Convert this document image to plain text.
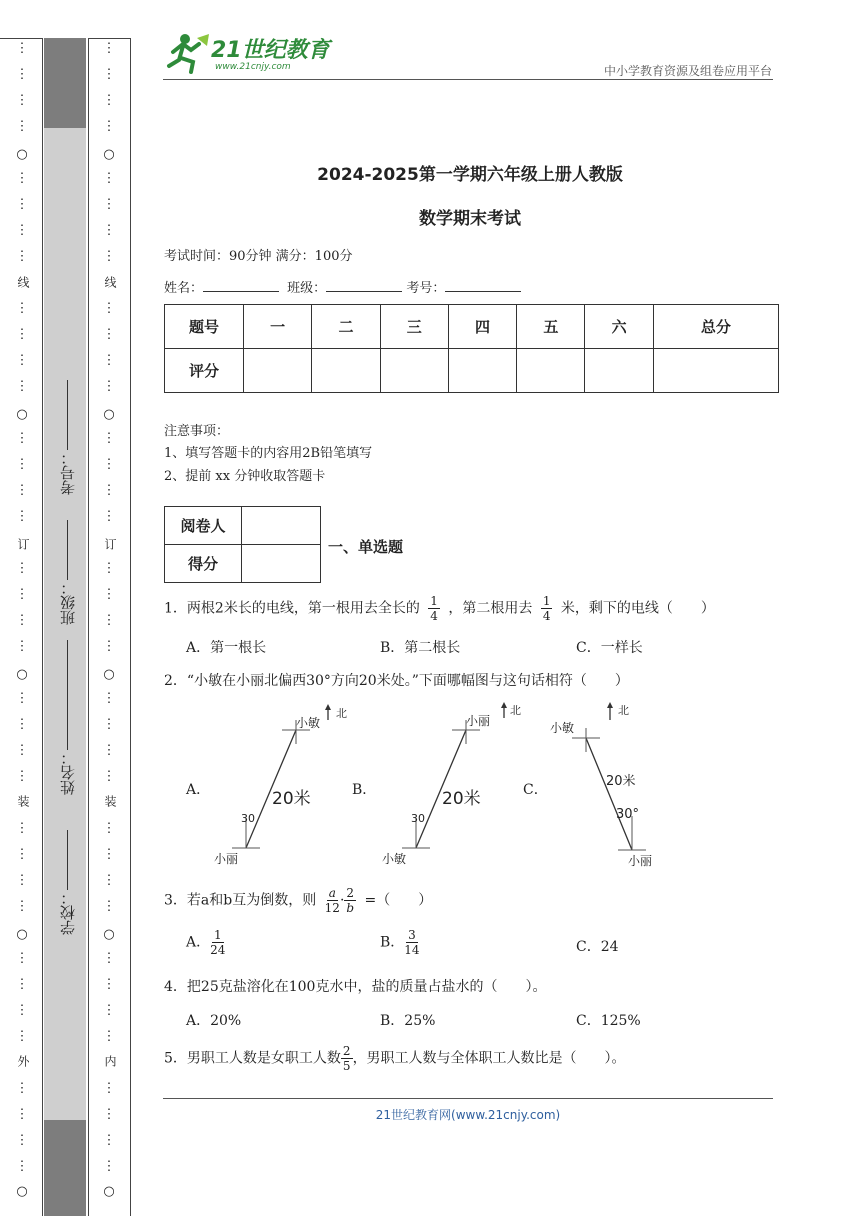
⋮
⋮
⋮
⋮
⋮
⋮
⋮
⋮
⋮
⋮
⋮
⋮
⋮
⋮
⋮
⋮
⋮
⋮
⋮
⋮
⋮
⋮
⋮
⋮
⋮
⋮
⋮
⋮
⋮
⋮
⋮
⋮
⋮
⋮
⋮
⋮
○
○
○
○
○
⋮
⋮
⋮
⋮
⋮
⋮
⋮
⋮
⋮
⋮
⋮
⋮
⋮
⋮
⋮
⋮
⋮
⋮
⋮
⋮
⋮
⋮
⋮
⋮
⋮
⋮
⋮
⋮
⋮
⋮
⋮
⋮
⋮
⋮
⋮
⋮
○
○
○
○
○
线
订
装
外
线
订
装
内
学校：
姓名：
班级：
考号：
21世纪教育
www.21cnjy.com	中小学教育资源及组卷应用平台
2024-2025第一学期六年级上册人教版
数学期末考试
考试时间：90分钟 满分：100分
姓名：	班级：	考号：
题号	一	二	三	四	五	六	总分
评分							
注意事项：
1、填写答题卡的内容用2B铅笔填写
2、提前 xx 分钟收取答题卡
阅卷人	
得分	
一、单选题
1．两根2米长的电线，第一根用去全长的 $\frac{1}{4}$ ，第二根用去 $\frac{1}{4}$ 米，剩下的电线（　　）
A．第一根长	B．第二根长	C．一样长
2．“小敏在小丽北偏西30°方向20米处。”下面哪幅图与这句话相符（　　）
A．	B．	C．
小敏
北
20米
30
小丽
小丽
北
20米
30
小敏
小敏
北
20米
30°
小丽
3．若a和b互为倒数，则 $\frac{a}{12} \cdot \frac{2}{b}$ =（　　）
A． $\frac{1}{24}$	B． $\frac{3}{14}$	C．24
4．把25克盐溶化在100克水中，盐的质量占盐水的（　　）。
A．20%	B．25%	C．125%
5．男职工人数是女职工人数 $\frac{2}{5}$ ，男职工人数与全体职工人数比是（　　）。
21世纪教育网(www.21cnjy.com)
